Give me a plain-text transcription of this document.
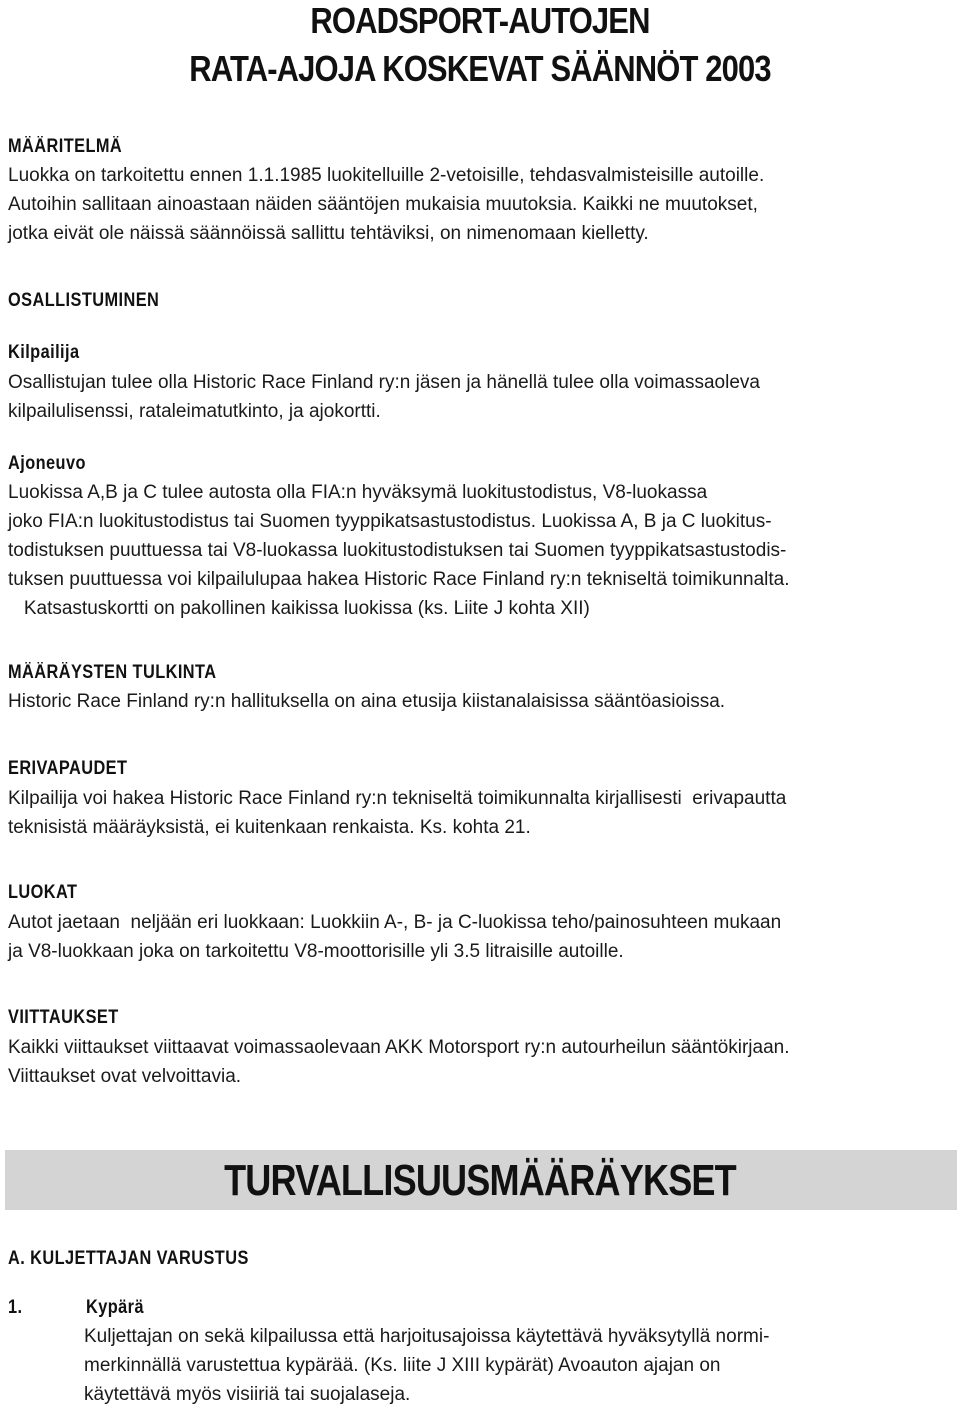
ROADSPORT-AUTOJEN
RATA-AJOJA KOSKEVAT SÄÄNNÖT 2003
MÄÄRITELMÄ
Luokka on tarkoitettu ennen 1.1.1985 luokitelluille 2-vetoisille, tehdasvalmisteisille autoille.
Autoihin sallitaan ainoastaan näiden sääntöjen mukaisia muutoksia. Kaikki ne muutokset,
jotka eivät ole näissä säännöissä sallittu tehtäviksi, on nimenomaan kielletty.
OSALLISTUMINEN
Kilpailija
Osallistujan tulee olla Historic Race Finland ry:n jäsen ja hänellä tulee olla voimassaoleva
kilpailulisenssi, rataleimatutkinto, ja ajokortti.
Ajoneuvo
Luokissa A,B ja C tulee autosta olla FIA:n hyväksymä luokitustodistus, V8-luokassa
joko FIA:n luokitustodistus tai Suomen tyyppikatsastustodistus. Luokissa A, B ja C luokitus-
todistuksen puuttuessa tai V8-luokassa luokitustodistuksen tai Suomen tyyppikatsastustodis-
tuksen puuttuessa voi kilpailulupaa hakea Historic Race Finland ry:n tekniseltä toimikunnalta.
Katsastuskortti on pakollinen kaikissa luokissa (ks. Liite J kohta XII)
MÄÄRÄYSTEN TULKINTA
Historic Race Finland ry:n hallituksella on aina etusija kiistanalaisissa sääntöasioissa.
ERIVAPAUDET
Kilpailija voi hakea Historic Race Finland ry:n tekniseltä toimikunnalta kirjallisesti  erivapautta
teknisistä määräyksistä, ei kuitenkaan renkaista. Ks. kohta 21.
LUOKAT
Autot jaetaan  neljään eri luokkaan: Luokkiin A-, B- ja C-luokissa teho/painosuhteen mukaan
ja V8-luokkaan joka on tarkoitettu V8-moottorisille yli 3.5 litraisille autoille.
VIITTAUKSET
Kaikki viittaukset viittaavat voimassaolevaan AKK Motorsport ry:n autourheilun sääntökirjaan.
Viittaukset ovat velvoittavia.
TURVALLISUUSMÄÄRÄYKSET
A. KULJETTAJAN VARUSTUS
1.	Kypärä
Kuljettajan on sekä kilpailussa että harjoitusajoissa käytettävä hyväksytyllä normi-
merkinnällä varustettua kypärää. (Ks. liite J XIII kypärät) Avoauton ajajan on
käytettävä myös visiiriä tai suojalaseja.
